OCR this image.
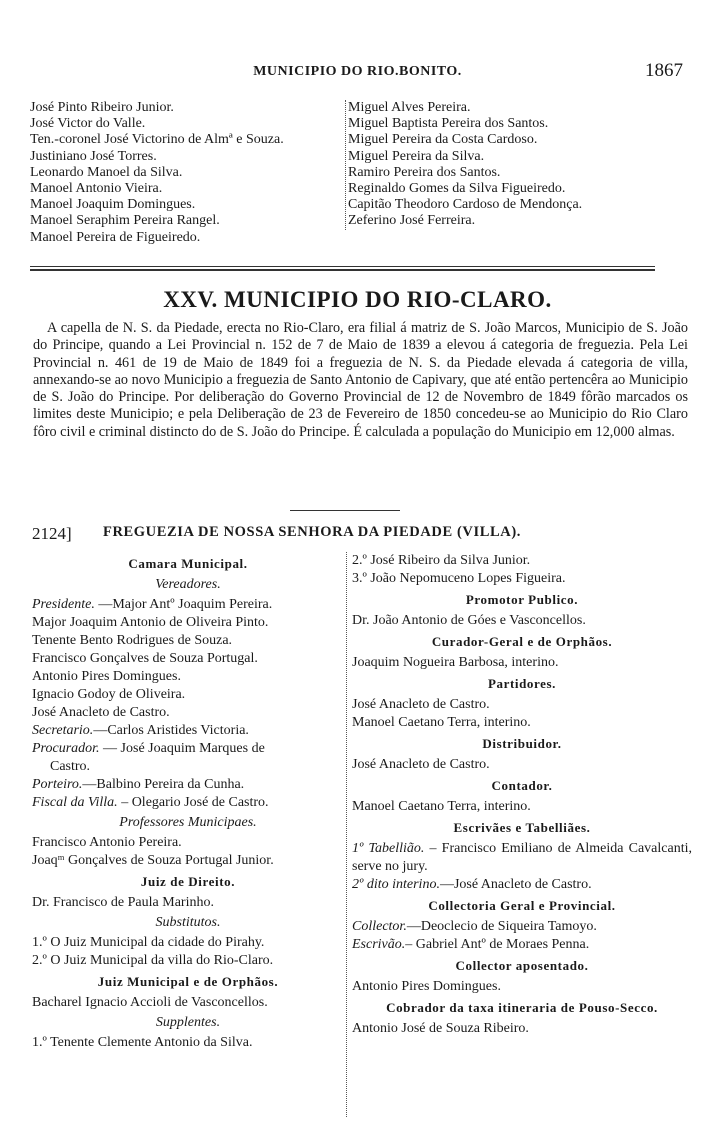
MUNICIPIO DO RIO.BONITO.	1867
José Pinto Ribeiro Junior.
José Victor do Valle.
Ten.-coronel José Victorino de Almª e Souza.
Justiniano José Torres.
Leonardo Manoel da Silva.
Manoel Antonio Vieira.
Manoel Joaquim Domingues.
Manoel Seraphim Pereira Rangel.
Manoel Pereira de Figueiredo.
Miguel Alves Pereira.
Miguel Baptista Pereira dos Santos.
Miguel Pereira da Costa Cardoso.
Miguel Pereira da Silva.
Ramiro Pereira dos Santos.
Reginaldo Gomes da Silva Figueiredo.
Capitão Theodoro Cardoso de Mendonça.
Zeferino José Ferreira.
XXV. MUNICIPIO DO RIO-CLARO.
A capella de N. S. da Piedade, erecta no Rio-Claro, era filial á matriz de S. João Marcos, Municipio de S. João do Principe, quando a Lei Provincial n. 152 de 7 de Maio de 1839 a elevou á categoria de freguezia. Pela Lei Provincial n. 461 de 19 de Maio de 1849 foi a freguezia de N. S. da Piedade elevada á categoria de villa, annexando-se ao novo Municipio a freguezia de Santo Antonio de Capivary, que até então pertencêra ao Municipio de S. João do Principe. Por deliberação do Governo Provincial de 12 de Novembro de 1849 fôrão marcados os limites deste Municipio; e pela Deliberação de 23 de Fevereiro de 1850 concedeu-se ao Municipio do Rio Claro fôro civil e criminal distincto do de S. João do Principe. É calculada a população do Municipio em 12,000 almas.
2124] FREGUEZIA DE NOSSA SENHORA DA PIEDADE (VILLA).
Camara Municipal.
Vereadores.
Presidente. —Major Antº Joaquim Pereira.
Major Joaquim Antonio de Oliveira Pinto.
Tenente Bento Rodrigues de Souza.
Francisco Gonçalves de Souza Portugal.
Antonio Pires Domingues.
Ignacio Godoy de Oliveira.
José Anacleto de Castro.
Secretario.—Carlos Aristides Victoria.
Procurador. — José Joaquim Marques de
Castro.
Porteiro.—Balbino Pereira da Cunha.
Fiscal da Villa. – Olegario José de Castro.
Professores Municipaes.
Francisco Antonio Pereira.
Joaqᵐ Gonçalves de Souza Portugal Junior.
Juiz de Direito.
Dr. Francisco de Paula Marinho.
Substitutos.
1.º O Juiz Municipal da cidade do Pirahy.
2.º O Juiz Municipal da villa do Rio-Claro.
Juiz Municipal e de Orphãos.
Bacharel Ignacio Accioli de Vasconcellos.
Supplentes.
1.º Tenente Clemente Antonio da Silva.
2.º José Ribeiro da Silva Junior.
3.º João Nepomuceno Lopes Figueira.
Promotor Publico.
Dr. João Antonio de Góes e Vasconcellos.
Curador-Geral e de Orphãos.
Joaquim Nogueira Barbosa, interino.
Partidores.
José Anacleto de Castro.
Manoel Caetano Terra, interino.
Distribuidor.
José Anacleto de Castro.
Contador.
Manoel Caetano Terra, interino.
Escrivães e Tabelliães.
1º Tabellião. – Francisco Emiliano de Almeida Cavalcanti, serve no jury.
2º dito interino.—José Anacleto de Castro.
Collectoria Geral e Provincial.
Collector.—Deoclecio de Siqueira Tamoyo.
Escrivão.– Gabriel Antº de Moraes Penna.
Collector aposentado.
Antonio Pires Domingues.
Cobrador da taxa itineraria de Pouso-Secco.
Antonio José de Souza Ribeiro.
